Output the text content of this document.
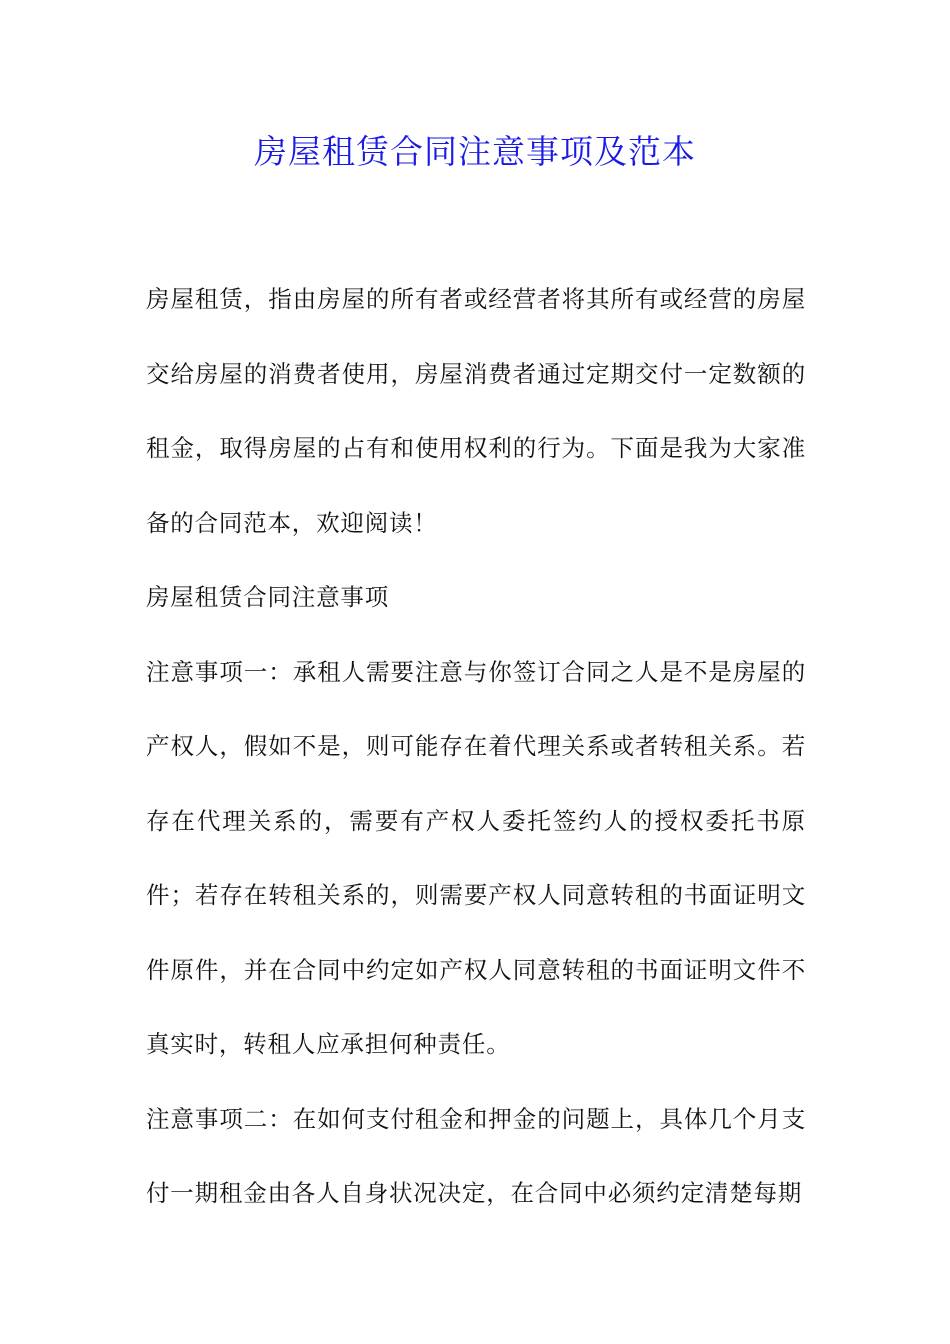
房屋租赁合同注意事项及范本

房屋租赁，指由房屋的所有者或经营者将其所有或经营的房屋交给房屋的消费者使用，房屋消费者通过定期交付一定数额的租金，取得房屋的占有和使用权利的行为。下面是我为大家准备的合同范本，欢迎阅读！

房屋租赁合同注意事项

注意事项一：承租人需要注意与你签订合同之人是不是房屋的产权人，假如不是，则可能存在着代理关系或者转租关系。若存在代理关系的，需要有产权人委托签约人的授权委托书原件；若存在转租关系的，则需要产权人同意转租的书面证明文件原件，并在合同中约定如产权人同意转租的书面证明文件不真实时，转租人应承担何种责任。

注意事项二：在如何支付租金和押金的问题上，具体几个月支付一期租金由各人自身状况决定，在合同中必须约定清楚每期
